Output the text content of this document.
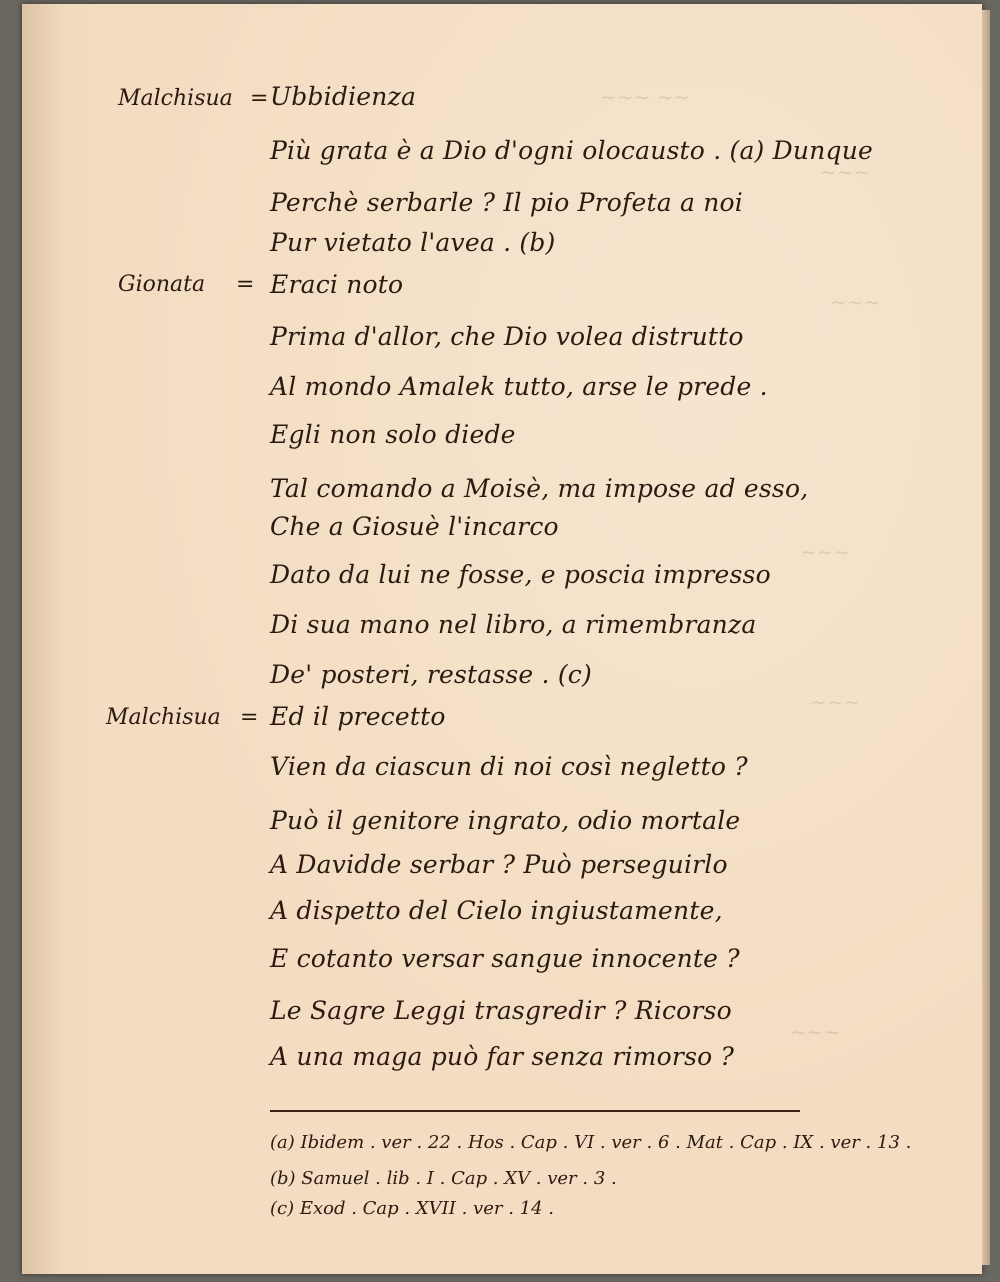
∼∼∼ ∼∼
∼∼∼
∼∼∼
∼∼∼
∼∼∼
∼∼∼
Malchisua =
Gionata =
Malchisua =
Ubbidienza
Più grata è a Dio d'ogni olocausto . (a) Dunque
Perchè serbarle ? Il pio Profeta a noi
Pur vietato l'avea . (b)
Eraci noto
Prima d'allor, che Dio volea distrutto
Al mondo Amalek tutto, arse le prede .
Egli non solo diede
Tal comando a Moisè, ma impose ad esso,
Che a Giosuè l'incarco
Dato da lui ne fosse, e poscia impresso
Di sua mano nel libro, a rimembranza
De' posteri, restasse . (c)
Ed il precetto
Vien da ciascun di noi così negletto ?
Può il genitore ingrato, odio mortale
A Davidde serbar ? Può perseguirlo
A dispetto del Cielo ingiustamente,
E cotanto versar sangue innocente ?
Le Sagre Leggi trasgredir ? Ricorso
A una maga può far senza rimorso ?
(a) Ibidem . ver . 22 . Hos . Cap . VI . ver . 6 . Mat . Cap . IX . ver . 13 .
(b) Samuel . lib . I . Cap . XV . ver . 3 .
(c) Exod . Cap . XVII . ver . 14 .
